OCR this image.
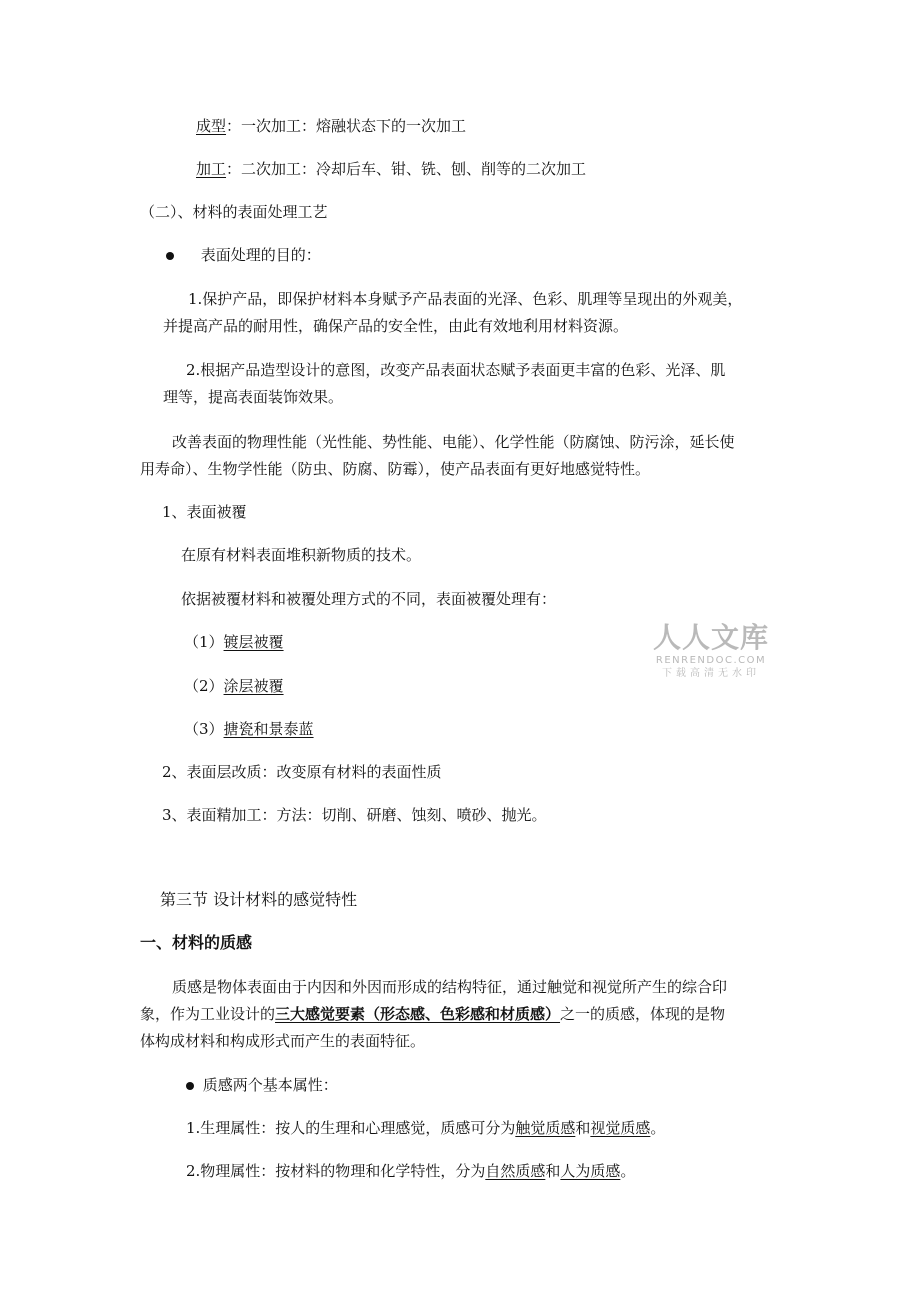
成型：一次加工：熔融状态下的一次加工
加工：二次加工：冷却后车、钳、铣、刨、削等的二次加工
（二）、材料的表面处理工艺
表面处理的目的：
1.保护产品，即保护材料本身赋予产品表面的光泽、色彩、肌理等呈现出的外观美，
并提高产品的耐用性，确保产品的安全性，由此有效地利用材料资源。
2.根据产品造型设计的意图，改变产品表面状态赋予表面更丰富的色彩、光泽、肌
理等，提高表面装饰效果。
改善表面的物理性能（光性能、势性能、电能）、化学性能（防腐蚀、防污涂，延长使
用寿命）、生物学性能（防虫、防腐、防霉），使产品表面有更好地感觉特性。
1、表面被覆
在原有材料表面堆积新物质的技术。
依据被覆材料和被覆处理方式的不同，表面被覆处理有：
（1）镀层被覆
（2）涂层被覆
（3）搪瓷和景泰蓝
2、表面层改质：改变原有材料的表面性质
3、表面精加工：方法：切削、研磨、蚀刻、喷砂、抛光。
第三节 设计材料的感觉特性
一、材料的质感
质感是物体表面由于内因和外因而形成的结构特征，通过触觉和视觉所产生的综合印
象，作为工业设计的三大感觉要素（形态感、色彩感和材质感）之一的质感，体现的是物
体构成材料和构成形式而产生的表面特征。
质感两个基本属性：
1.生理属性：按人的生理和心理感觉，质感可分为触觉质感和视觉质感。
2.物理属性：按材料的物理和化学特性，分为自然质感和人为质感。
人人文库
RENRENDOC.COM
下载高清无水印
